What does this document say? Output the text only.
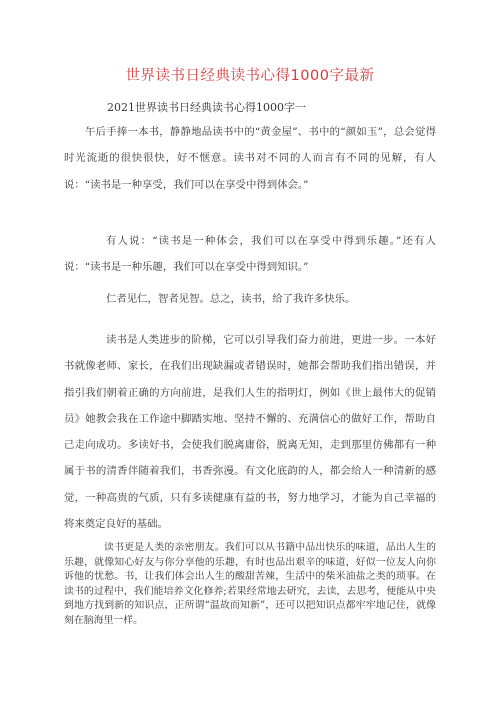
世界读书日经典读书心得1000字最新
2021世界读书日经典读书心得1000字一

午后手捧一本书，静静地品读书中的“黄金屋”、书中的“颜如玉”，总会觉得时光流逝的很快很快，好不惬意。读书对不同的人而言有不同的见解，有人说：“读书是一种享受，我们可以在享受中得到体会。”

有人说：“读书是一种体会，我们可以在享受中得到乐趣。”还有人说：“读书是一种乐趣，我们可以在享受中得到知识。”

仁者见仁，智者见智。总之，读书，给了我许多快乐。

读书是人类进步的阶梯，它可以引导我们奋力前进，更进一步。一本好书就像老师、家长，在我们出现缺漏或者错误时，她都会帮助我们指出错误，并指引我们朝着正确的方向前进，是我们人生的指明灯，例如《世上最伟大的促销员》她教会我在工作途中脚踏实地、坚持不懈的、充满信心的做好工作，帮助自己走向成功。多读好书，会使我们脱离庸俗，脱离无知，走到那里仿佛都有一种属于书的清香伴随着我们，书香弥漫。有文化底韵的人，都会给人一种清新的感觉，一种高贵的气质，只有多读健康有益的书，努力地学习，才能为自己幸福的将来奠定良好的基础。

读书更是人类的亲密朋友。我们可以从书籍中品出快乐的味道，品出人生的乐趣，就像知心好友与你分享他的乐趣，有时也品出艰辛的味道，好似一位友人向你诉他的忧愁。书，让我们体会出人生的酸甜苦辣，生活中的柴米油盐之类的琐事。在读书的过程中，我们能培养文化修养;若果经常地去研究，去读，去思考，便能从中央到地方找到新的知识点，正所谓“温故而知新”，还可以把知识点都牢牢地记住，就像刻在脑海里一样。
